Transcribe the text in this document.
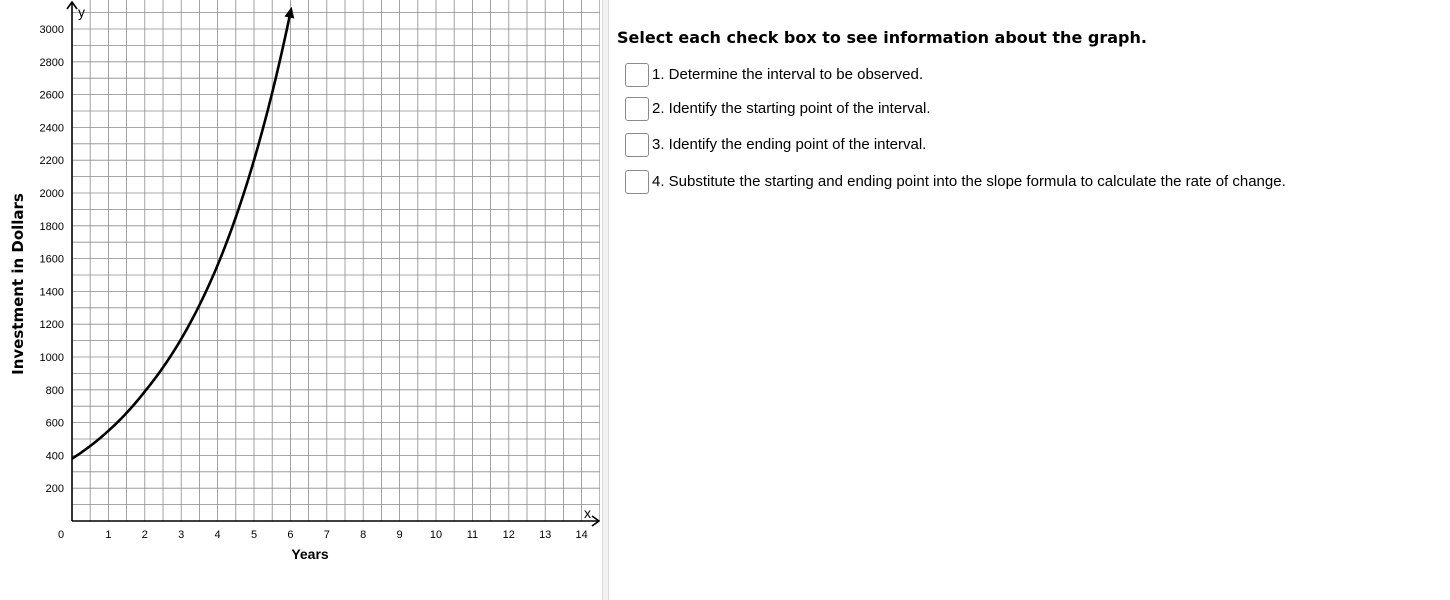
1	2	3	4	5	6	7	8	9 10 11 12 13 14
200
400
600
800
1000
1200
1400
1600
1800
2000
2200
2400
2600
2800
3000
y
x
0
Years
Investment in Dollars
Select each check box to see information about the graph.
1. Determine the interval to be observed.
2. Identify the starting point of the interval.
3. Identify the ending point of the interval.
4. Substitute the starting and ending point into the slope formula to calculate the rate of change.
